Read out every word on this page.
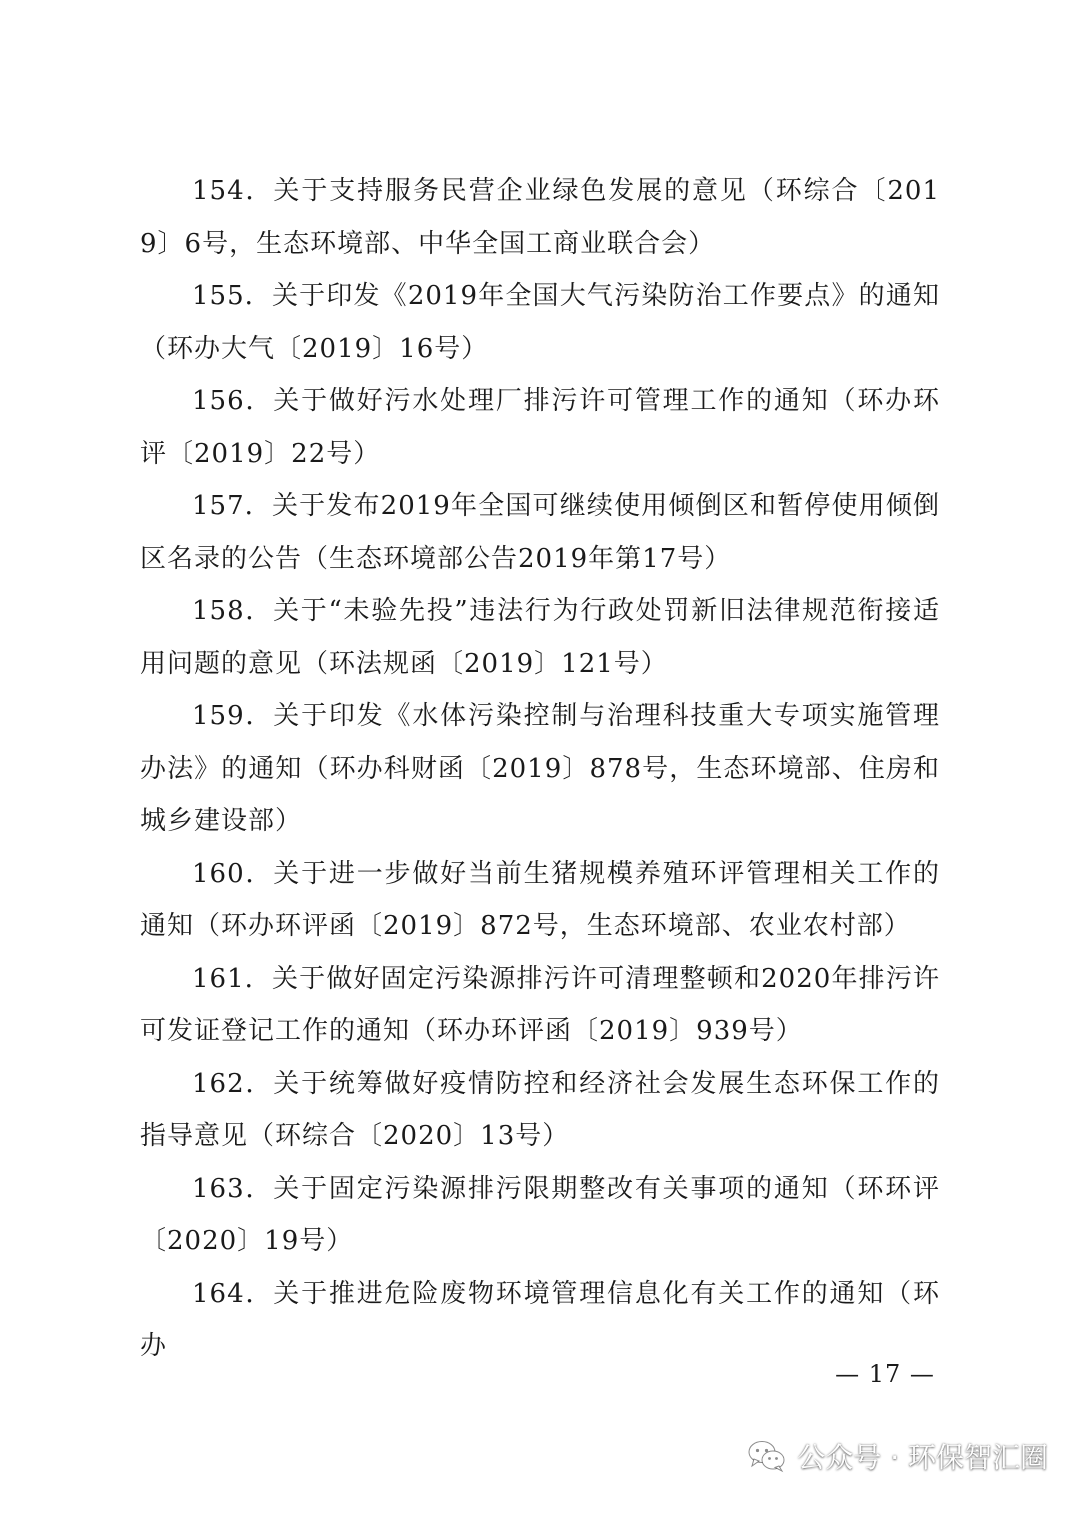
154．关于支持服务民营企业绿色发展的意见（环综合〔2019〕6号，生态环境部、中华全国工商业联合会）

155．关于印发《2019年全国大气污染防治工作要点》的通知（环办大气〔2019〕16号）

156．关于做好污水处理厂排污许可管理工作的通知（环办环评〔2019〕22号）

157．关于发布2019年全国可继续使用倾倒区和暂停使用倾倒区名录的公告（生态环境部公告2019年第17号）

158．关于“未验先投”违法行为行政处罚新旧法律规范衔接适用问题的意见（环法规函〔2019〕121号）

159．关于印发《水体污染控制与治理科技重大专项实施管理办法》的通知（环办科财函〔2019〕878号，生态环境部、住房和城乡建设部）

160．关于进一步做好当前生猪规模养殖环评管理相关工作的通知（环办环评函〔2019〕872号，生态环境部、农业农村部）

161．关于做好固定污染源排污许可清理整顿和2020年排污许可发证登记工作的通知（环办环评函〔2019〕939号）

162．关于统筹做好疫情防控和经济社会发展生态环保工作的指导意见（环综合〔2020〕13号）

163．关于固定污染源排污限期整改有关事项的通知（环环评〔2020〕19号）

164．关于推进危险废物环境管理信息化有关工作的通知（环办

— 17 —
公众号 · 环保智汇圈
